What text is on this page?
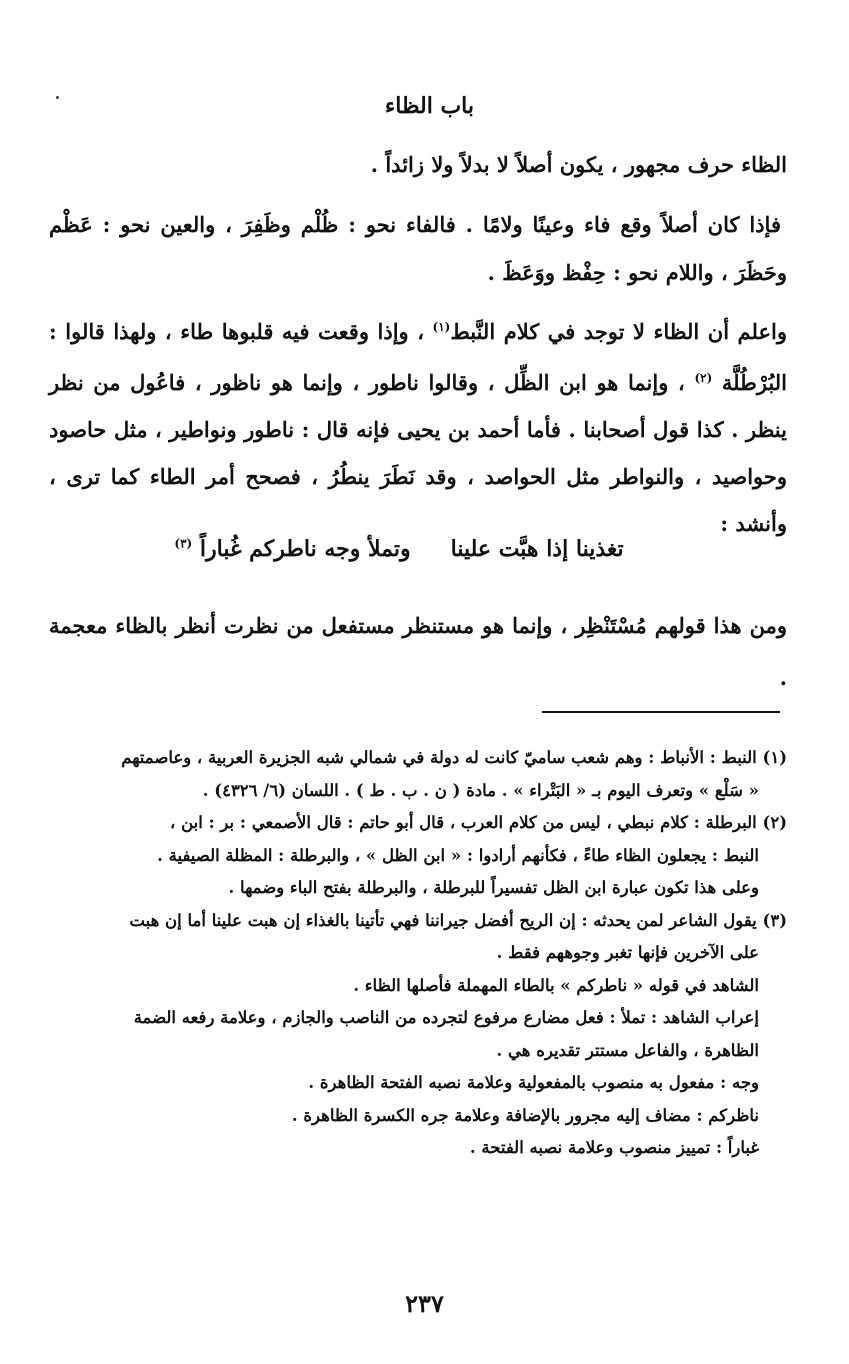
باب الظاء
الظاء حرف مجهور ، يكون أصلاً لا بدلاً ولا زائداً .
فإذا كان أصلاً وقع فاء وعينًا ولامًا . فالفاء نحو : ظُلْم وظَفِرَ ، والعين نحو : عَظْم وحَظَرَ ، واللام نحو : حِفْظ ووَعَظَ .
واعلم أن الظاء لا توجد في كلام النَّبط$^{(١)}$ ، وإذا وقعت فيه قلبوها طاء ، ولهذا قالوا : البُرْطُلَّة $^{(٢)}$ ، وإنما هو ابن الظِّل ، وقالوا ناطور ، وإنما هو ناظور ، فاعُول من نظر ينظر . كذا قول أصحابنا . فأما أحمد بن يحيى فإنه قال : ناطور ونواطير ، مثل حاصود وحواصيد ، والنواطر مثل الحواصد ، وقد نَطَرَ ينطُرُ ، فصحح أمر الطاء كما ترى ، وأنشد :
تغذينا إذا هبَّت علينا
وتملأ وجه ناطركم غُباراً $^{(٣)}$
ومن هذا قولهم مُسْتَنْظِر ، وإنما هو مستنظر مستفعل من نظرت أنظر بالظاء معجمة .
(١) النبط : الأنباط : وهم شعب ساميّ كانت له دولة في شمالي شبه الجزيرة العربية ، وعاصمتهم
« سَلْع » وتعرف اليوم بـ « البَتْراء » . مادة ( ن . ب . ط ) . اللسان (٦/ ٤٣٢٦) .
(٢) البرطلة : كلام نبطي ، ليس من كلام العرب ، قال أبو حاتم : قال الأصمعي : بر : ابن ،
النبط : يجعلون الظاء طاءً ، فكأنهم أرادوا : « ابن الظل » ، والبرطلة : المظلة الصيفية .
وعلى هذا تكون عبارة ابن الظل تفسيراً للبرطلة ، والبرطلة بفتح الباء وضمها .
(٣) يقول الشاعر لمن يحدثه : إن الريح أفضل جيراننا فهي تأتينا بالغذاء إن هبت علينا أما إن هبت
على الآخرين فإنها تغبر وجوههم فقط .
الشاهد في قوله « ناطركم » بالطاء المهملة فأصلها الظاء .
إعراب الشاهد : تملأ : فعل مضارع مرفوع لتجرده من الناصب والجازم ، وعلامة رفعه الضمة
الظاهرة ، والفاعل مستتر تقديره هي .
وجه : مفعول به منصوب بالمفعولية وعلامة نصبه الفتحة الظاهرة .
ناظركم : مضاف إليه مجرور بالإضافة وعلامة جره الكسرة الظاهرة .
غباراً : تمييز منصوب وعلامة نصبه الفتحة .
٢٣٧
